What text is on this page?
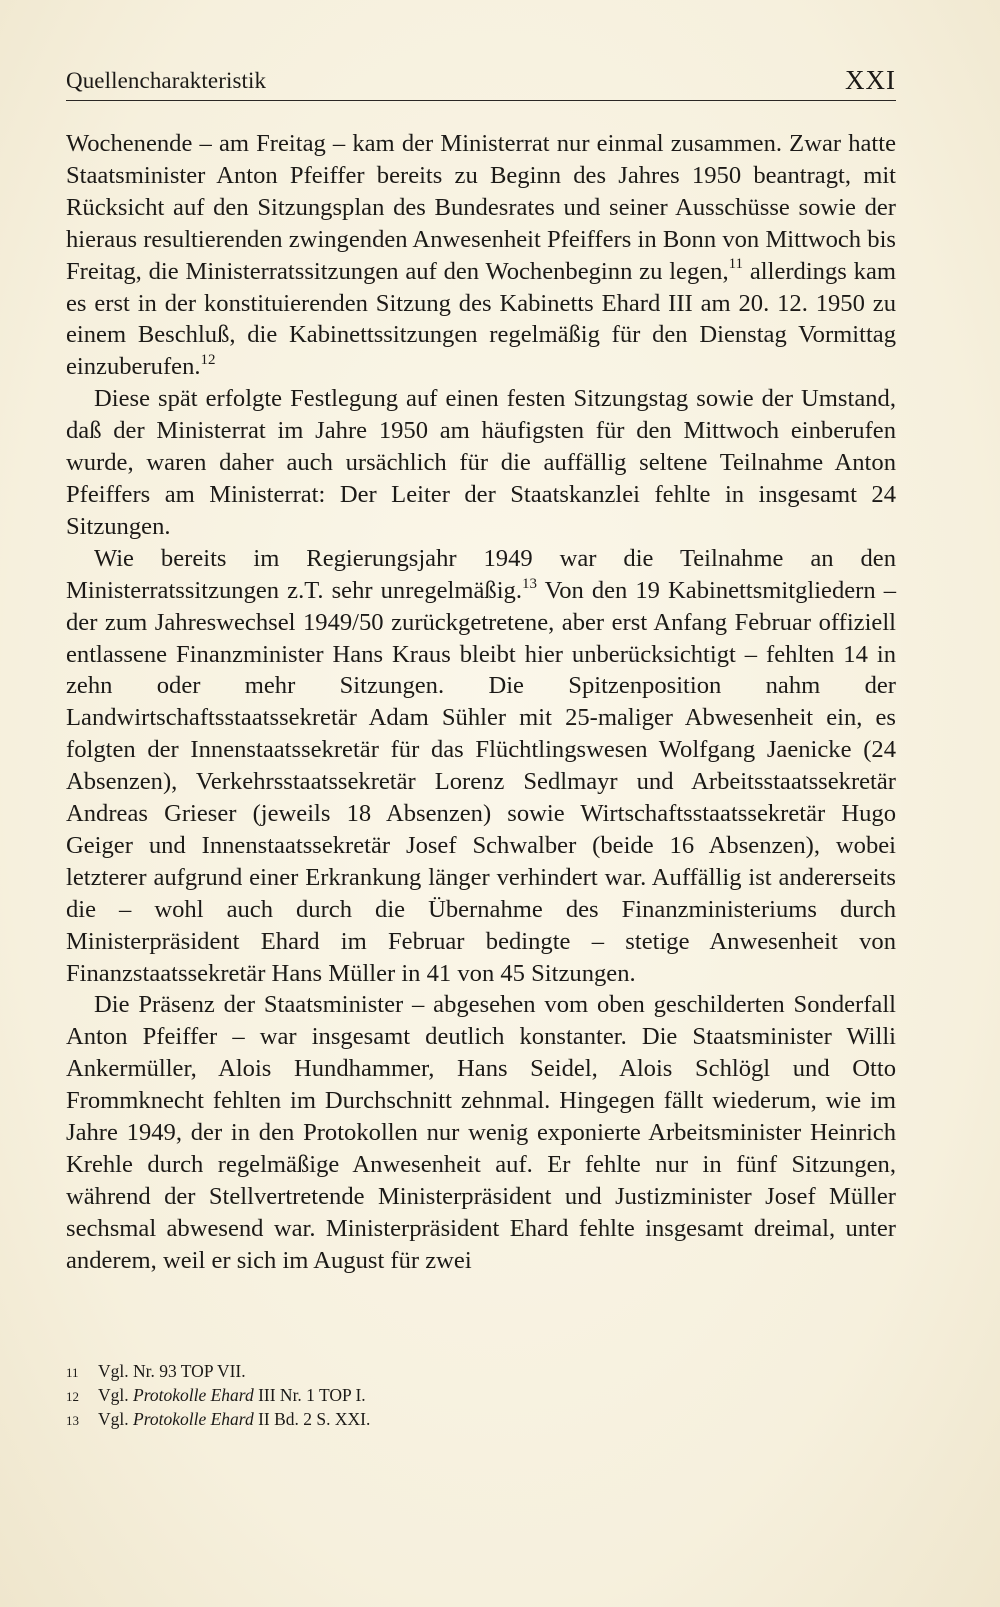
Quellencharakteristik	XXI

Wochenende – am Freitag – kam der Ministerrat nur einmal zusammen. Zwar hatte Staatsminister Anton Pfeiffer bereits zu Beginn des Jahres 1950 beantragt, mit Rücksicht auf den Sitzungsplan des Bundesrates und seiner Ausschüsse sowie der hieraus resultierenden zwingenden Anwesenheit Pfeiffers in Bonn von Mittwoch bis Freitag, die Ministerratssitzungen auf den Wochenbeginn zu legen,$^{11}$ allerdings kam es erst in der konstituierenden Sitzung des Kabinetts Ehard III am 20. 12. 1950 zu einem Beschluß, die Kabinettssitzungen regelmäßig für den Dienstag Vormittag einzuberufen.$^{12}$

Diese spät erfolgte Festlegung auf einen festen Sitzungstag sowie der Umstand, daß der Ministerrat im Jahre 1950 am häufigsten für den Mittwoch einberufen wurde, waren daher auch ursächlich für die auffällig seltene Teilnahme Anton Pfeiffers am Ministerrat: Der Leiter der Staatskanzlei fehlte in insgesamt 24 Sitzungen.

Wie bereits im Regierungsjahr 1949 war die Teilnahme an den Ministerratssitzungen z.T. sehr unregelmäßig.$^{13}$ Von den 19 Kabinettsmitgliedern – der zum Jahreswechsel 1949/50 zurückgetretene, aber erst Anfang Februar offiziell entlassene Finanzminister Hans Kraus bleibt hier unberücksichtigt – fehlten 14 in zehn oder mehr Sitzungen. Die Spitzenposition nahm der Landwirtschaftsstaatssekretär Adam Sühler mit 25-maliger Abwesenheit ein, es folgten der Innenstaatssekretär für das Flüchtlingswesen Wolfgang Jaenicke (24 Absenzen), Verkehrsstaatssekretär Lorenz Sedlmayr und Arbeitsstaatssekretär Andreas Grieser (jeweils 18 Absenzen) sowie Wirtschaftsstaatssekretär Hugo Geiger und Innenstaatssekretär Josef Schwalber (beide 16 Absenzen), wobei letzterer aufgrund einer Erkrankung länger verhindert war. Auffällig ist andererseits die – wohl auch durch die Übernahme des Finanzministeriums durch Ministerpräsident Ehard im Februar bedingte – stetige Anwesenheit von Finanzstaatssekretär Hans Müller in 41 von 45 Sitzungen.

Die Präsenz der Staatsminister – abgesehen vom oben geschilderten Sonderfall Anton Pfeiffer – war insgesamt deutlich konstanter. Die Staatsminister Willi Ankermüller, Alois Hundhammer, Hans Seidel, Alois Schlögl und Otto Frommknecht fehlten im Durchschnitt zehnmal. Hingegen fällt wiederum, wie im Jahre 1949, der in den Protokollen nur wenig exponierte Arbeitsminister Heinrich Krehle durch regelmäßige Anwesenheit auf. Er fehlte nur in fünf Sitzungen, während der Stellvertretende Ministerpräsident und Justizminister Josef Müller sechsmal abwesend war. Ministerpräsident Ehard fehlte insgesamt dreimal, unter anderem, weil er sich im August für zwei

11	Vgl. Nr. 93 TOP VII.
12	Vgl. Protokolle Ehard III Nr. 1 TOP I.
13	Vgl. Protokolle Ehard II Bd. 2 S. XXI.
